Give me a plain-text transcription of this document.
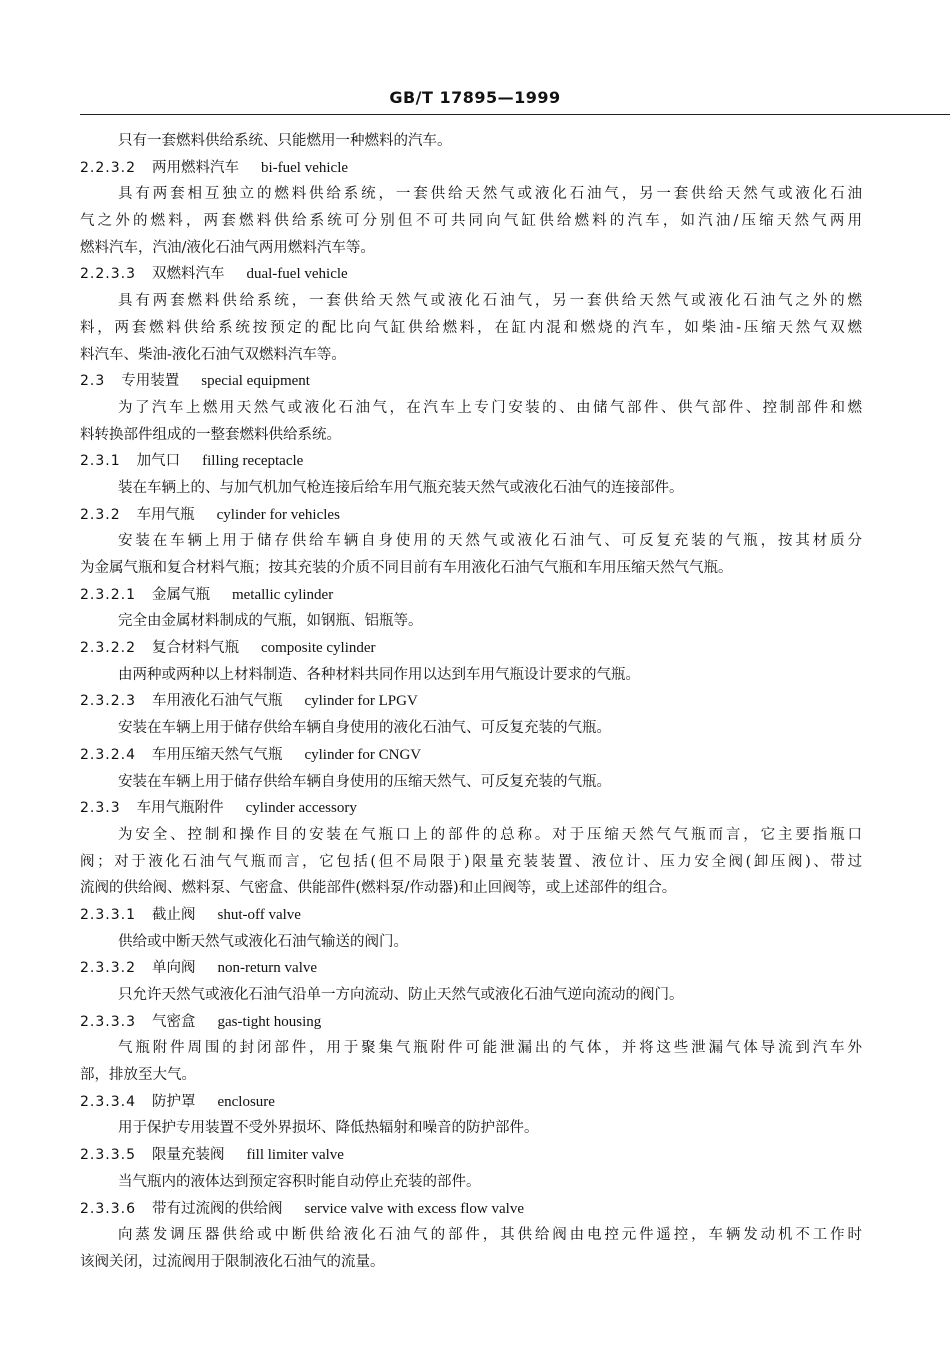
GB/T 17895—1999
只有一套燃料供给系统、只能燃用一种燃料的汽车。
2.2.3.2 两用燃料汽车 bi-fuel vehicle
具有两套相互独立的燃料供给系统，一套供给天然气或液化石油气，另一套供给天然气或液化石油
气之外的燃料，两套燃料供给系统可分别但不可共同向气缸供给燃料的汽车，如汽油/压缩天然气两用
燃料汽车，汽油/液化石油气两用燃料汽车等。
2.2.3.3 双燃料汽车 dual-fuel vehicle
具有两套燃料供给系统，一套供给天然气或液化石油气，另一套供给天然气或液化石油气之外的燃
料，两套燃料供给系统按预定的配比向气缸供给燃料，在缸内混和燃烧的汽车，如柴油-压缩天然气双燃
料汽车、柴油-液化石油气双燃料汽车等。
2.3 专用装置 special equipment
为了汽车上燃用天然气或液化石油气，在汽车上专门安装的、由储气部件、供气部件、控制部件和燃
料转换部件组成的一整套燃料供给系统。
2.3.1 加气口 filling receptacle
装在车辆上的、与加气机加气枪连接后给车用气瓶充装天然气或液化石油气的连接部件。
2.3.2 车用气瓶 cylinder for vehicles
安装在车辆上用于储存供给车辆自身使用的天然气或液化石油气、可反复充装的气瓶，按其材质分
为金属气瓶和复合材料气瓶；按其充装的介质不同目前有车用液化石油气气瓶和车用压缩天然气气瓶。
2.3.2.1 金属气瓶 metallic cylinder
完全由金属材料制成的气瓶，如钢瓶、铝瓶等。
2.3.2.2 复合材料气瓶 composite cylinder
由两种或两种以上材料制造、各种材料共同作用以达到车用气瓶设计要求的气瓶。
2.3.2.3 车用液化石油气气瓶 cylinder for LPGV
安装在车辆上用于储存供给车辆自身使用的液化石油气、可反复充装的气瓶。
2.3.2.4 车用压缩天然气气瓶 cylinder for CNGV
安装在车辆上用于储存供给车辆自身使用的压缩天然气、可反复充装的气瓶。
2.3.3 车用气瓶附件 cylinder accessory
为安全、控制和操作目的安装在气瓶口上的部件的总称。对于压缩天然气气瓶而言，它主要指瓶口
阀；对于液化石油气气瓶而言，它包括(但不局限于)限量充装装置、液位计、压力安全阀(卸压阀)、带过
流阀的供给阀、燃料泵、气密盒、供能部件(燃料泵/作动器)和止回阀等，或上述部件的组合。
2.3.3.1 截止阀 shut-off valve
供给或中断天然气或液化石油气输送的阀门。
2.3.3.2 单向阀 non-return valve
只允许天然气或液化石油气沿单一方向流动、防止天然气或液化石油气逆向流动的阀门。
2.3.3.3 气密盒 gas-tight housing
气瓶附件周围的封闭部件，用于聚集气瓶附件可能泄漏出的气体，并将这些泄漏气体导流到汽车外
部，排放至大气。
2.3.3.4 防护罩 enclosure
用于保护专用装置不受外界损坏、降低热辐射和噪音的防护部件。
2.3.3.5 限量充装阀 fill limiter valve
当气瓶内的液体达到预定容积时能自动停止充装的部件。
2.3.3.6 带有过流阀的供给阀 service valve with excess flow valve
向蒸发调压器供给或中断供给液化石油气的部件，其供给阀由电控元件遥控，车辆发动机不工作时
该阀关闭，过流阀用于限制液化石油气的流量。
